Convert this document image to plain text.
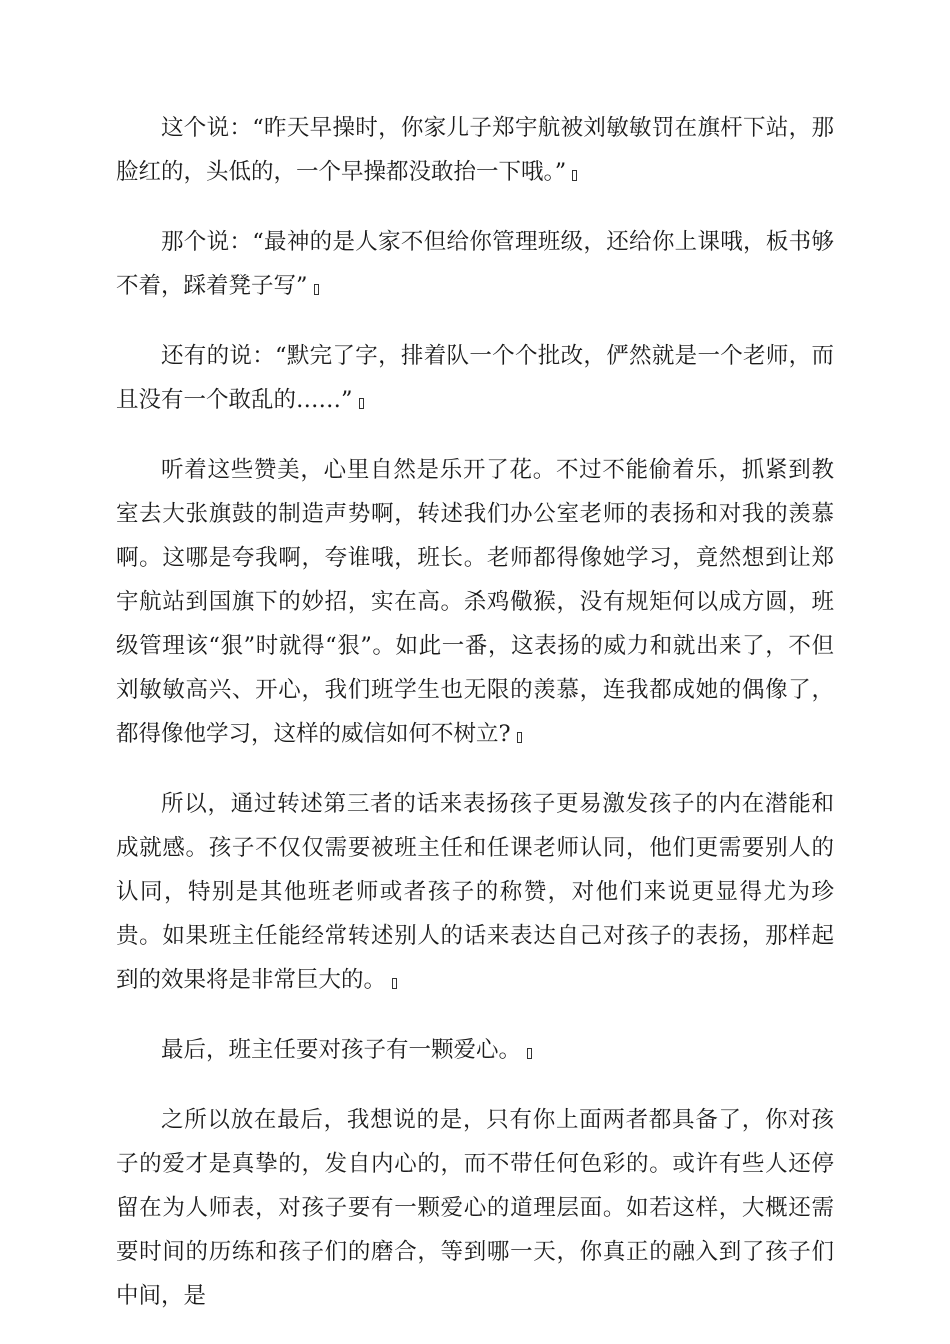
这个说：“昨天早操时，你家儿子郑宇航被刘敏敏罚在旗杆下站，那脸红的，头低的，一个早操都没敢抬一下哦。”

那个说：“最神的是人家不但给你管理班级，还给你上课哦，板书够不着，踩着凳子写”

还有的说：“默完了字，排着队一个个批改，俨然就是一个老师，而且没有一个敢乱的……”

听着这些赞美，心里自然是乐开了花。不过不能偷着乐，抓紧到教室去大张旗鼓的制造声势啊，转述我们办公室老师的表扬和对我的羡慕啊。这哪是夸我啊，夸谁哦，班长。老师都得像她学习，竟然想到让郑宇航站到国旗下的妙招，实在高。杀鸡儆猴，没有规矩何以成方圆，班级管理该“狠”时就得“狠”。如此一番，这表扬的威力和就出来了，不但刘敏敏高兴、开心，我们班学生也无限的羡慕，连我都成她的偶像了，都得像他学习，这样的威信如何不树立?

所以，通过转述第三者的话来表扬孩子更易激发孩子的内在潜能和成就感。孩子不仅仅需要被班主任和任课老师认同，他们更需要别人的认同，特别是其他班老师或者孩子的称赞，对他们来说更显得尤为珍贵。如果班主任能经常转述别人的话来表达自己对孩子的表扬，那样起到的效果将是非常巨大的。

最后，班主任要对孩子有一颗爱心。

之所以放在最后，我想说的是，只有你上面两者都具备了，你对孩子的爱才是真挚的，发自内心的，而不带任何色彩的。或许有些人还停留在为人师表，对孩子要有一颗爱心的道理层面。如若这样，大概还需要时间的历练和孩子们的磨合，等到哪一天，你真正的融入到了孩子们中间，是
